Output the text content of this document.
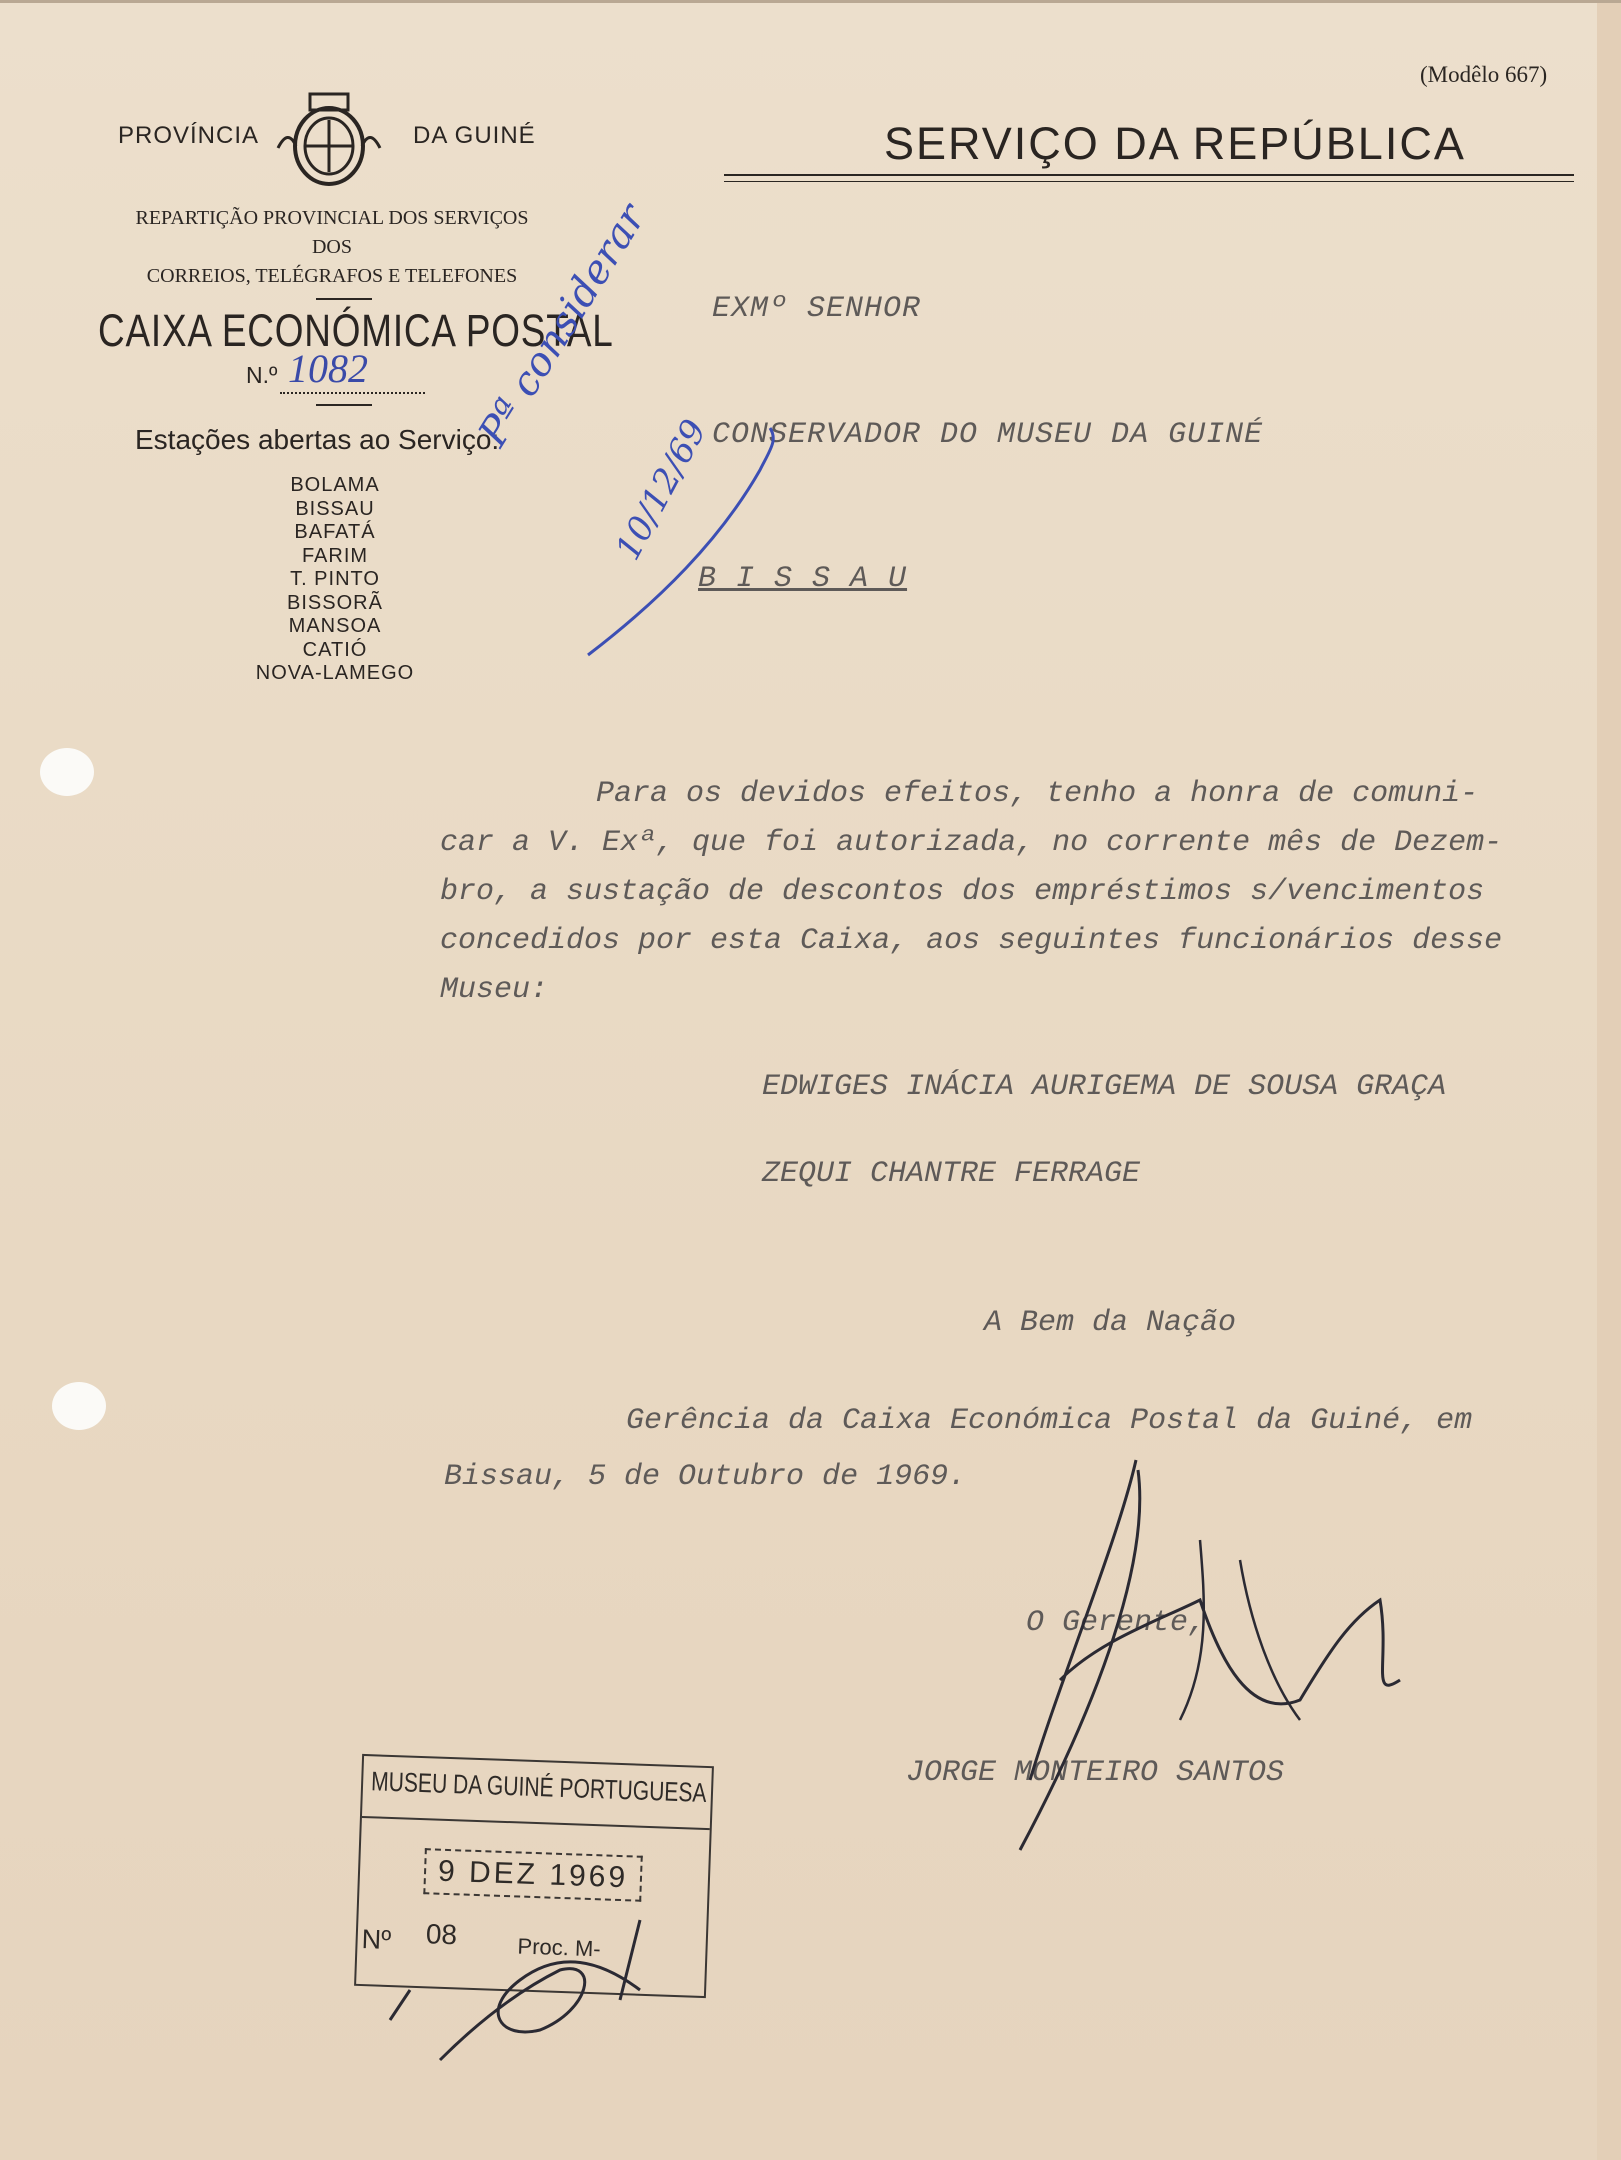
(Modêlo 667)
PROVÍNCIA	DA GUINÉ	SERVIÇO DA REPÚBLICA
REPARTIÇÃO PROVINCIAL DOS SERVIÇOS
DOS
CORREIOS, TELÉGRAFOS E TELEFONES
CAIXA ECONÓMICA POSTAL
N.º 1082
Estações abertas ao Serviço:
BOLAMA
BISSAU
BAFATÁ
FARIM
T. PINTO
BISSORÃ
MANSOA
CATIÓ
NOVA-LAMEGO
EXMº SENHOR
CONSERVADOR DO MUSEU DA GUINÉ
B I S S A U
Pª considerar
10/12/69
Para os devidos efeitos, tenho a honra de comuni-
car a V. Exª, que foi autorizada, no corrente mês de Dezem-
bro, a sustação de descontos dos empréstimos s/vencimentos
concedidos por esta Caixa, aos seguintes funcionários desse
Museu:
EDWIGES INÁCIA AURIGEMA DE SOUSA GRAÇA
ZEQUI CHANTRE FERRAGE
A Bem da Nação
Gerência da Caixa Económica Postal da Guiné, em
Bissau, 5 de Outubro de 1969.
O Gerente,
JORGE MONTEIRO SANTOS
MUSEU DA GUINÉ PORTUGUESA
9 DEZ 1969
Nº 08	Proc. M-
